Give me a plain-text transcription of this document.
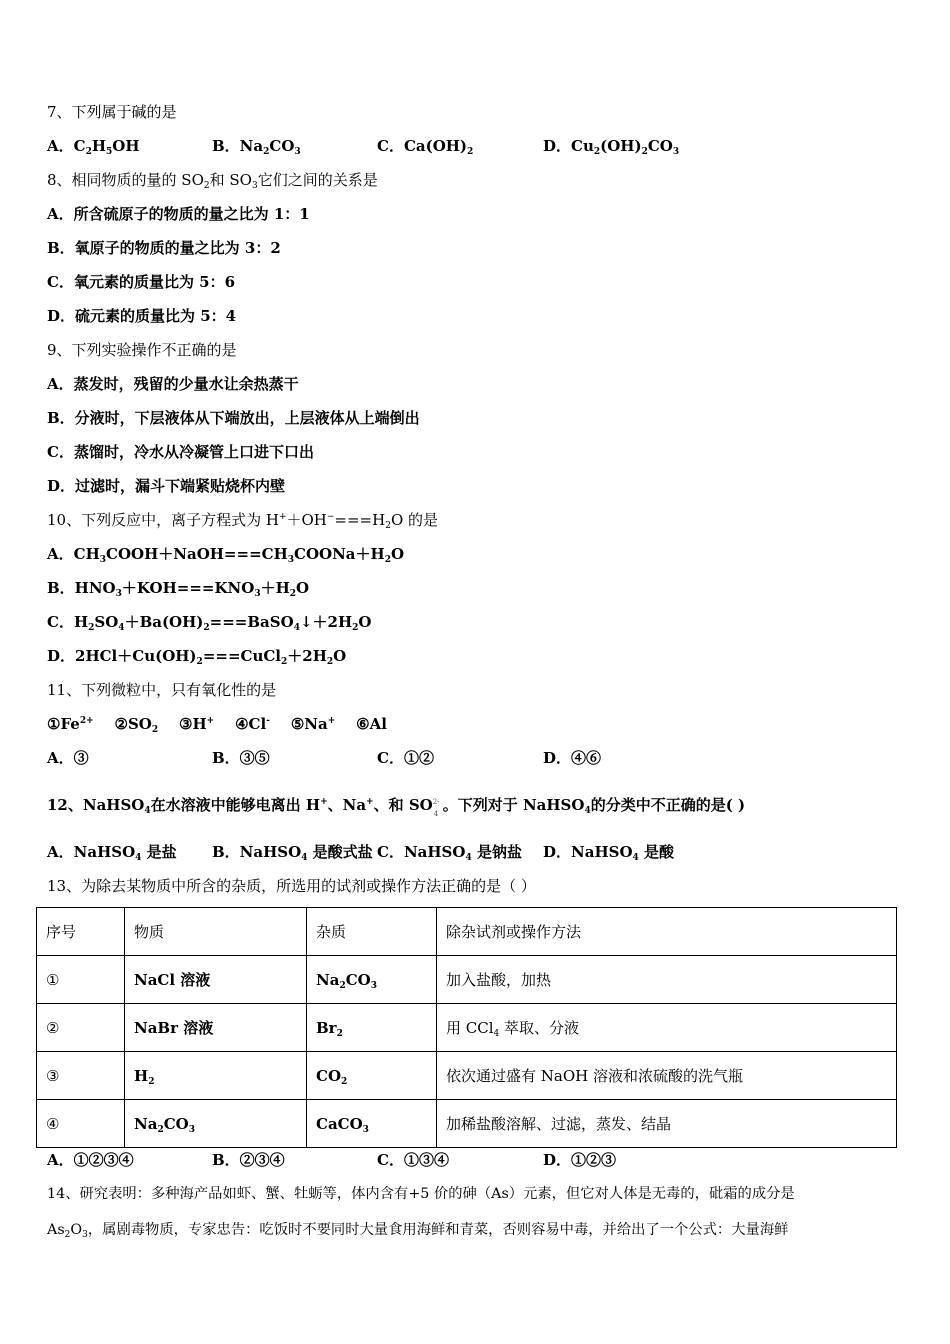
7、下列属于碱的是
A．$C_2H_5OH$	B．$Na_2CO_3$	C．$Ca(OH)_2$	D．$Cu_2(OH)_2CO_3$
8、相同物质的量的 $SO_2$和 $SO_3$它们之间的关系是
A．所含硫原子的物质的量之比为 1：1
B．氧原子的物质的量之比为 3：2
C．氧元素的质量比为 5：6
D．硫元素的质量比为 5：4
9、下列实验操作不正确的是
A．蒸发时，残留的少量水让余热蒸干
B．分液时，下层液体从下端放出，上层液体从上端倒出
C．蒸馏时，冷水从冷凝管上口进下口出
D．过滤时，漏斗下端紧贴烧杯内壁
10、下列反应中，离子方程式为 $H^++OH^-===H_2O$ 的是
A．$CH_3COOH+NaOH===CH_3COONa+H_2O$
B．$HNO_3+KOH===KNO_3+H_2O$
C．$H_2SO_4+Ba(OH)_2===BaSO_4↓+2H_2O$
D．$2HCl+Cu(OH)_2===CuCl_2+2H_2O$
11、下列微粒中，只有氧化性的是
$①Fe^{2+}$    $②SO_2$    ③H+    ④Cl-    ⑤Na+    ⑥Al
A．③	B．③⑤	C．①②	D．④⑥
12、NaHSO$_4$在水溶液中能够电离出 H+、Na+、和 SO 2-
4 。下列对于 NaHSO$_4$的分类中不正确的是( )
A．NaHSO$_4$ 是盐 B．NaHSO$_4$ 是酸式盐 C．NaHSO$_4$ 是钠盐 D．NaHSO$_4$ 是酸
13、为除去某物质中所含的杂质，所选用的试剂或操作方法正确的是（ ）
序号	物质	杂质	除杂试剂或操作方法
①	NaCl 溶液	$Na_2CO_3$	加入盐酸，加热
②	NaBr 溶液	$Br_2$	用 CCl$_4$ 萃取、分液
③	$H_2$	$CO_2$	依次通过盛有 NaOH 溶液和浓硫酸的洗气瓶
④	$Na_2CO_3$	CaCO$_3$	加稀盐酸溶解、过滤，蒸发、结晶
A．①②③④	B．②③④	C．①③④	D．①②③
14、研究表明：多种海产品如虾、蟹、牡蛎等，体内含有+5 价的砷（As）元素，但它对人体是无毒的，砒霜的成分是
$As_2O_3$，属剧毒物质，专家忠告：吃饭时不要同时大量食用海鲜和青菜，否则容易中毒，并给出了一个公式：大量海鲜
